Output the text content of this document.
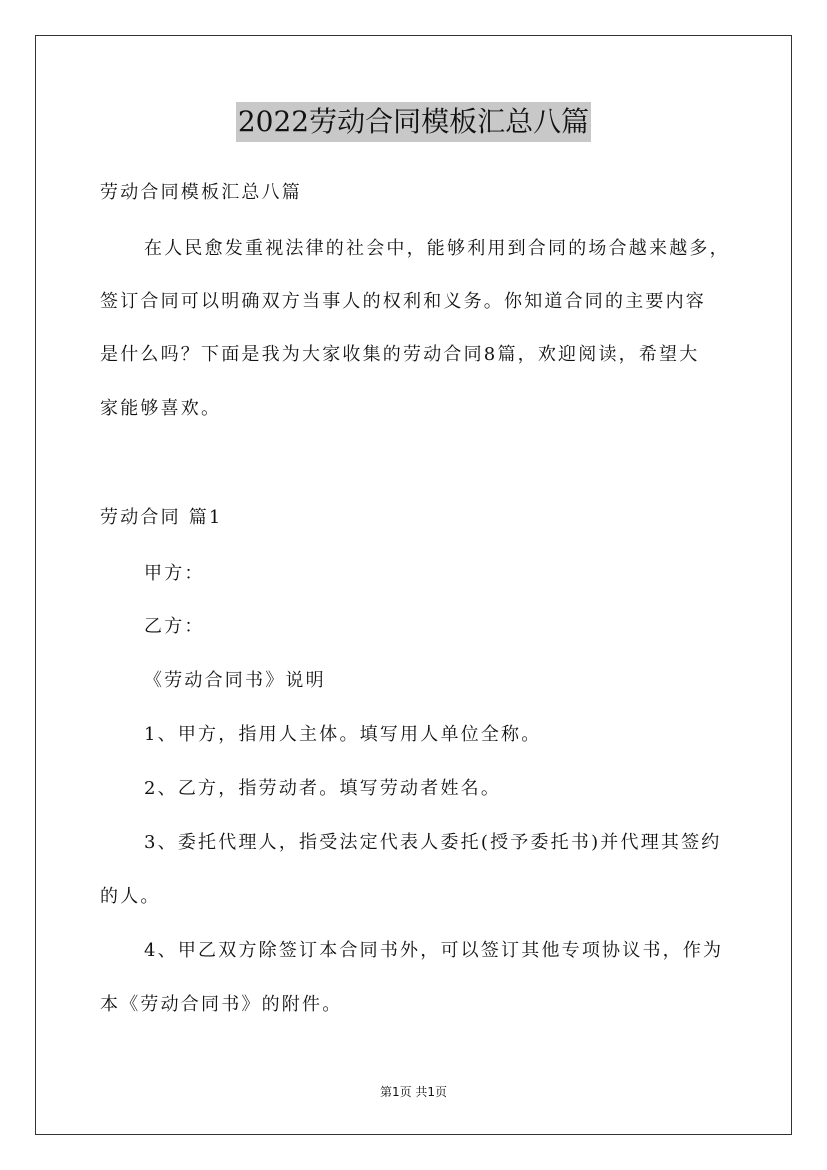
2022劳动合同模板汇总八篇
劳动合同模板汇总八篇
在人民愈发重视法律的社会中，能够利用到合同的场合越来越多，
签订合同可以明确双方当事人的权利和义务。你知道合同的主要内容
是什么吗？下面是我为大家收集的劳动合同8篇，欢迎阅读，希望大
家能够喜欢。
劳动合同 篇1
甲方：
乙方：
《劳动合同书》说明
1、甲方，指用人主体。填写用人单位全称。
2、乙方，指劳动者。填写劳动者姓名。
3、委托代理人，指受法定代表人委托(授予委托书)并代理其签约
的人。
4、甲乙双方除签订本合同书外，可以签订其他专项协议书，作为
本《劳动合同书》的附件。
第1页 共1页
